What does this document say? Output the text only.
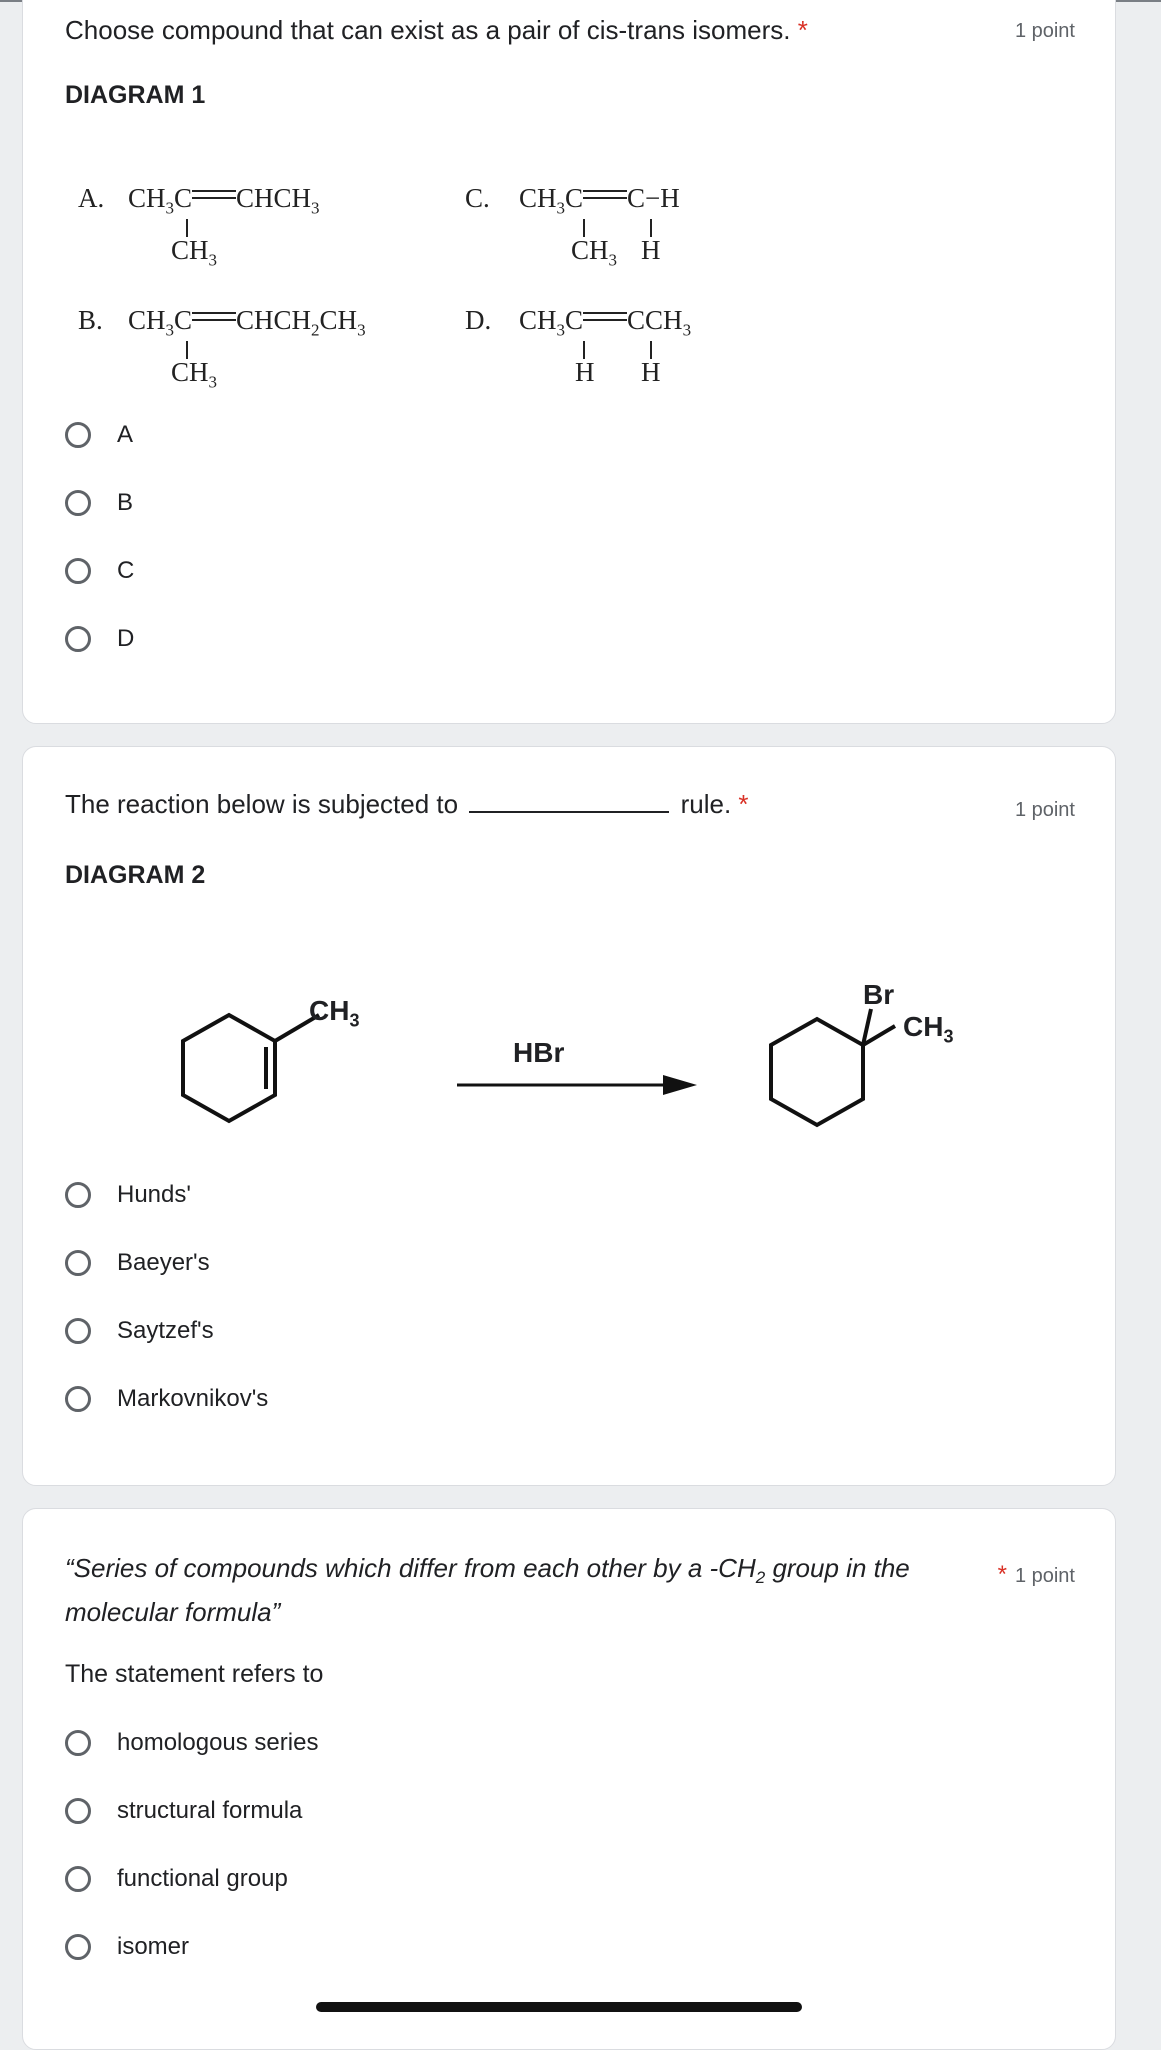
Choose compound that can exist as a pair of cis-trans isomers. *	1 point
DIAGRAM 1
A. $CH_3C$ $CHCH_3$
$CH_3$
B. $CH_3C$ $CHCH_2CH_3$
$CH_3$
C. $CH_3C$ C−H
$CH_3$ H
D. $CH_3C$ $CCH_3$
H H
A
B
C
D
The reaction below is subjected to	rule. *	1 point
DIAGRAM 2
$CH_3$
HBr
Br
$CH_3$
Hunds'
Baeyer's
Saytzef's
Markovnikov's
“Series of compounds which differ from each other by a $-CH_2$ group in the
molecular formula”
* 1 point
The statement refers to
homologous series
structural formula
functional group
isomer
